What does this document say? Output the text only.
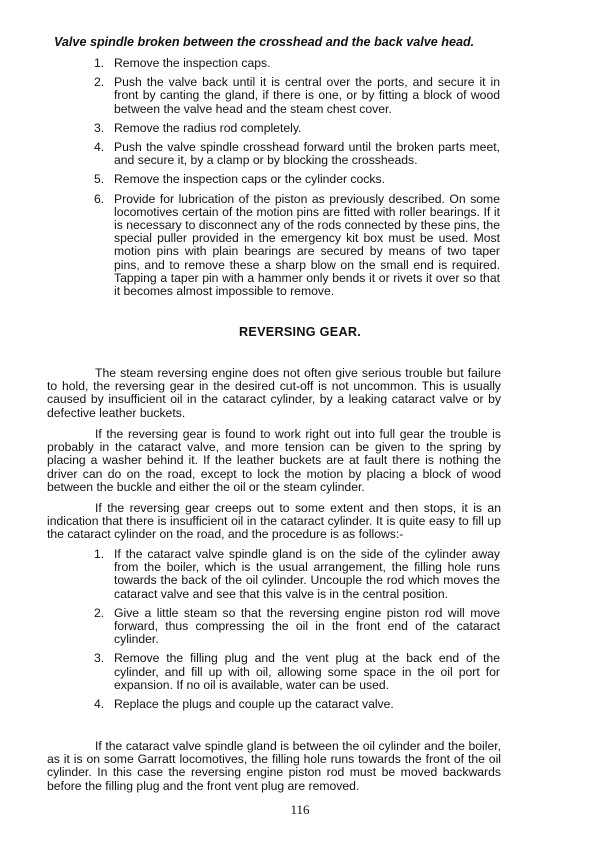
Valve spindle broken between the crosshead and the back valve head.
1. Remove the inspection caps.
2. Push the valve back until it is central over the ports, and secure it in front by canting the gland, if there is one, or by fitting a block of wood between the valve head and the steam chest cover.
3. Remove the radius rod completely.
4. Push the valve spindle crosshead forward until the broken parts meet, and secure it, by a clamp or by blocking the crossheads.
5. Remove the inspection caps or the cylinder cocks.
6. Provide for lubrication of the piston as previously described. On some locomotives certain of the motion pins are fitted with roller bearings. If it is necessary to disconnect any of the rods connected by these pins, the special puller provided in the emergency kit box must be used. Most motion pins with plain bearings are secured by means of two taper pins, and to remove these a sharp blow on the small end is required. Tapping a taper pin with a hammer only bends it or rivets it over so that it becomes almost impossible to remove.
REVERSING GEAR.

The steam reversing engine does not often give serious trouble but failure to hold, the reversing gear in the desired cut-off is not uncommon. This is usually caused by insufficient oil in the cataract cylinder, by a leaking cataract valve or by defective leather buckets.

If the reversing gear is found to work right out into full gear the trouble is probably in the cataract valve, and more tension can be given to the spring by placing a washer behind it. If the leather buckets are at fault there is nothing the driver can do on the road, except to lock the motion by placing a block of wood between the buckle and either the oil or the steam cylinder.

If the reversing gear creeps out to some extent and then stops, it is an indication that there is insufficient oil in the cataract cylinder. It is quite easy to fill up the cataract cylinder on the road, and the procedure is as follows:-

1. If the cataract valve spindle gland is on the side of the cylinder away from the boiler, which is the usual arrangement, the filling hole runs towards the back of the oil cylinder. Uncouple the rod which moves the cataract valve and see that this valve is in the central position.
2. Give a little steam so that the reversing engine piston rod will move forward, thus compressing the oil in the front end of the cataract cylinder.
3. Remove the filling plug and the vent plug at the back end of the cylinder, and fill up with oil, allowing some space in the oil port for expansion. If no oil is available, water can be used.
4. Replace the plugs and couple up the cataract valve.

If the cataract valve spindle gland is between the oil cylinder and the boiler, as it is on some Garratt locomotives, the filling hole runs towards the front of the oil cylinder. In this case the reversing engine piston rod must be moved backwards before the filling plug and the front vent plug are removed.

116
